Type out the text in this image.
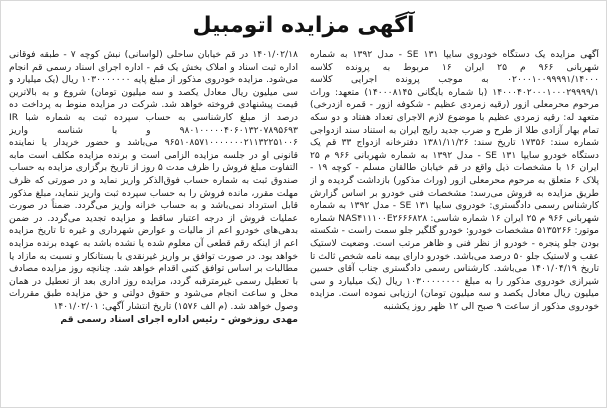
آگهی مزایده اتومبیل

آگهی مزایده یک دستگاه خودروی سایپا SE ۱۳۱ - مدل ۱۳۹۲ به شماره شهربانی ۹۶۶ م ۲۵ ایران ۱۶ مربوط به پرونده کلاسه ۰۲۰۰۰۱۰۰۹۹۹۹۱/۱۴۰۰۰ به موجب پرونده اجرایی کلاسه ۱۴۰۰۰۴۰۲۰۰۰۱۰۰۰۲۹۹۹۹/۱ (با شماره بایگانی ۱۴۰۰۰۸۱۴۵) متعهد: وراث مرحوم محرمعلی ازور (رقیه زمردی عظیم - شکوفه ازور - قمره ازدرخی) متعهد له: رقیه زمردی عظیم با موضوع لازم الاجرای تعداد هفتاد و دو سکه تمام بهار آزادی طلا از طرح و ضرب جدید رایج ایران به استناد سند ازدواجی شماره سند: ۱۷۳۵۶ تاریخ سند: ۱۳۸۱/۱۱/۲۶ دفترخانه ازدواج ۳۳ قم یک دستگاه خودرو سایپا SE ۱۳۱ - مدل ۱۳۹۲ به شماره شهربانی ۹۶۶ م ۲۵ ایران ۱۶ با مشخصات ذیل واقع در قم خیابان طالقان مسلم - کوچه ۱۹ - پلاک ۶ متعلق به مرحوم محرمعلی ازور (وراث مذکور) بازداشت گردیده و از طریق مزایده به فروش می‌رسد: مشخصات فنی خودرو بر اساس گزارش کارشناس رسمی دادگستری: خودروی سایپا SE ۱۳۱ - مدل ۱۳۹۲ به شماره شهربانی ۹۶۶ م ۲۵ ایران ۱۶ شماره شاسی: NAS۴۱۱۱۰۰E۲۶۶۶۸۲۸ شماره موتور: ۵۱۳۵۲۶۶ مشخصات خودرو: خودرو گلگیر جلو سمت راست - شکسته بودن جلو پنجره - خودرو از نظر فنی و ظاهر مرتب است. وضعیت لاستیک عقب و لاستیک جلو ۵۰ درصد می‌باشد. خودرو دارای بیمه نامه شخص ثالث تا تاریخ ۱۴۰۱/۰۴/۱۹ می‌باشد. کارشناس رسمی دادگستری جناب آقای حسین شیرازی خودروی مذکور را به مبلغ ۱۰۳۰۰۰۰۰۰۰۰ ریال (یک میلیارد و سی میلیون ریال معادل یکصد و سه میلیون تومان) ارزیابی نموده است. مزایده خودروی مذکور از ساعت ۹ صبح الی ۱۲ ظهر روز یکشنبه

۱۴۰۱/۰۲/۱۸ در قم خیابان ساحلی (لواسانی) نبش کوچه ۷ - طبقه فوقانی اداره ثبت اسناد و املاک بخش یک قم - اداره اجرای اسناد رسمی قم انجام می‌شود. مزایده خودروی مذکور از مبلغ پایه ۱۰۳۰۰۰۰۰۰۰ ریال (یک میلیارد و سی میلیون ریال معادل یکصد و سه میلیون تومان) شروع و به بالاترین قیمت پیشنهادی فروخته خواهد شد. شرکت در مزایده منوط به پرداخت ده درصد از مبلغ کارشناسی به حساب سپرده ثبت به شماره شبا IR ۹۸۰۱۰۰۰۰۰۴۰۶۰۱۳۲۰۷۸۹۵۶۹۳ و با شناسه واریز ۹۶۵۱۰۸۵۷۱۰۰۰۰۰۰۰۲۱۱۳۲۲۵۱۰۰۶ می‌باشد و حضور خریدار یا نماینده قانونی او در جلسه مزایده الزامی است و برنده مزایده مکلف است مابه التفاوت مبلغ فروش را ظرف مدت ۵ روز از تاریخ برگزاری مزایده به حساب صندوق ثبت به شماره حساب فوق‌الذکر واریز نماید و در صورتی که ظرف مهلت مقرر، مانده فروش را به حساب سپرده ثبت واریز ننماید، مبلغ مذکور قابل استرداد نمی‌باشد و به حساب خزانه واریز می‌گردد. ضمناً در صورت عملیات فروش از درجه اعتبار ساقط و مزایده تجدید می‌گردد. در ضمن بدهی‌های خودرو اعم از مالیات و عوارض شهرداری و غیره تا تاریخ مزایده اعم از اینکه رقم قطعی آن معلوم شده یا نشده باشد به عهده برنده مزایده خواهد بود. در صورت توافق بر واریز غیرنقدی با بستانکار و نسبت به مازاد یا مطالبات بر اساس توافق کتبی اقدام خواهد شد. چنانچه روز مزایده مصادف با تعطیل رسمی غیرمترقبه گردد، مزایده روز اداری بعد از تعطیل در همان محل و ساعت انجام می‌شود و حقوق دولتی و حق مزایده طبق مقررات وصول خواهد شد. (م الف ۱۵۷۶) تاریخ انتشار آگهی: ۱۴۰۱/۰۲/۰۱

مهدی روزخوش - رئیس اداره اجرای اسناد رسمی قم
